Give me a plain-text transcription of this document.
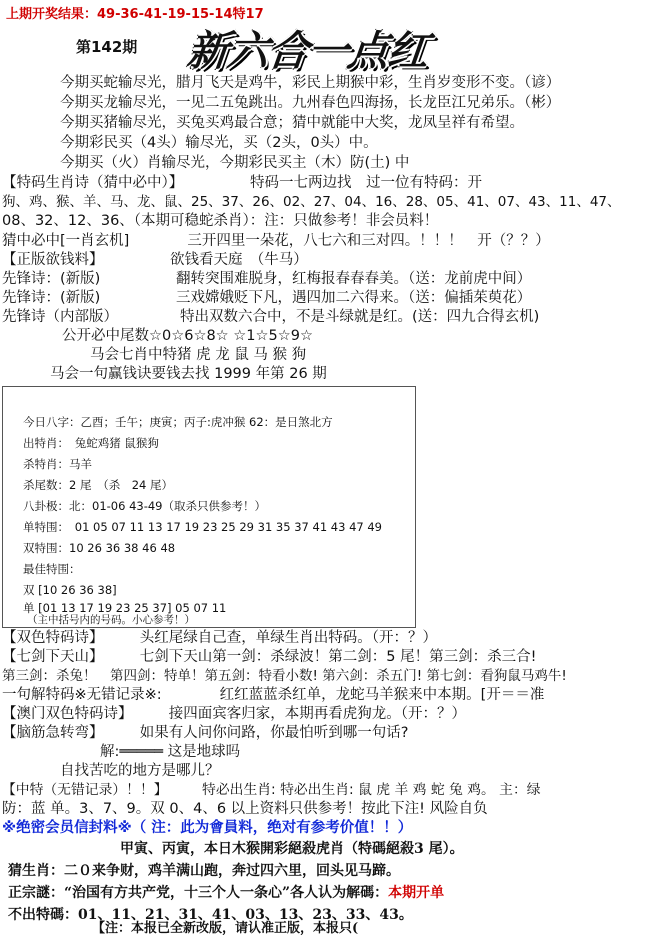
上期开奖结果：49-36-41-19-15-14特17
第142期 新六合一点红
今期买蛇输尽光，腊月飞天是鸡牛，彩民上期猴中彩，生肖岁变形不变。（谚）
今期买龙输尽光，一见二五兔跳出。九州春色四海扬，长龙臣江兄弟乐。（彬）
今期买猪输尽光，买兔买鸡最合意；猜中就能中大奖，龙凤呈祥有希望。
今期彩民买（4头）输尽光，买（2头，0头）中。
今期买（火）肖输尽光，今期彩民买主（木）防(土) 中
【特码生肖诗（猜中必中）】	特码一七两边找　过一位有特码：开
狗、鸡、猴、羊、马、龙、鼠、25、37、26、02、27、04、16、28、05、41、07、43、11、47、
08、32、12、36、（本期可稳蛇杀肖）：注：只做参考！非会员料！
猜中必中[一肖玄机]　　　　三开四里一朵花，八七六和三对四。！！！　开（？？）
【正版欲钱料】	欲钱看天庭　（牛马）
先锋诗：(新版)	翻转突围难脱身，红梅报春春春美。（送：龙前虎中间）
先锋诗：(新版)	三戏嫦娥贬下凡，遇四加二六得来。（送：偏插茱萸花）
先锋诗（内部版）	特出双数六合中，不是斗绿就是红。(送：四九合得玄机)
公开必中尾数☆0☆6☆8☆ ☆1☆5☆9☆
马会七肖中特猪 虎 龙 鼠 马 猴 狗
马会一句赢钱诀要钱去找 1999 年第 26 期
今日八字：乙酉；壬午；庚寅；丙子:虎冲猴 62：是日煞北方
出特肖：　兔蛇鸡猪 鼠猴狗
杀特肖：马羊
杀尾数：2 尾　（杀　24 尾）
八卦极：北：01-06 43-49（取杀只供参考！）
单特围：　01 05 07 11 13 17 19 23 25 29 31 35 37 41 43 47 49
双特围：10 26 36 38 46 48
最佳特围：
双 [10 26 36 38]
单 [01 13 17 19 23 25 37] 05 07 11
（主中括号内的号码。小心参考！）
【双色特码诗】　　　头红尾绿自己查，单绿生肖出特码。（开：？）
【七剑下天山】　　　七剑下天山第一剑：杀绿波！第二剑：5 尾！第三剑：杀三合!
第三剑：杀兔！　第四剑：特单！第五剑：特看小数! 第六剑：杀五门! 第七剑：看狗鼠马鸡牛!
一句解特码※无错记录※:　　　　红红蓝蓝杀红单，龙蛇马羊猴来中本期。[开＝＝准
【澳门双色特码诗】　　　接四面宾客归家，本期再看虎狗龙。（开：？）
【脑筋急转弯】　　　如果有人问你问路，你最怕听到哪一句话?
解:═════ 这是地球吗
自找苦吃的地方是哪儿？
【中特（无错记录）！！】　　　特必出生肖: 特必出生肖: 鼠 虎 羊 鸡 蛇 兔 鸡。 主：绿
防：蓝 单。3、7、9。双 0、4、6 以上资料只供参考！按此下注! 风险自负
※绝密会员信封料※（ 注：此为會員料，绝对有参考价值！！）
甲寅、丙寅，本日木猴開彩絕殺虎肖（特碼絕殺3 尾）。
猜生肖：二０来争财，鸡羊满山跑，奔过四六里，回头见马蹄。
正宗謎：“治国有方共产党，十三个人一条心”各人认为解碼：本期开单
不出特碼：01、11、21、31、41、03、13、23、33、43。
【注：本报已全新改版，请认准正版，本报只(
